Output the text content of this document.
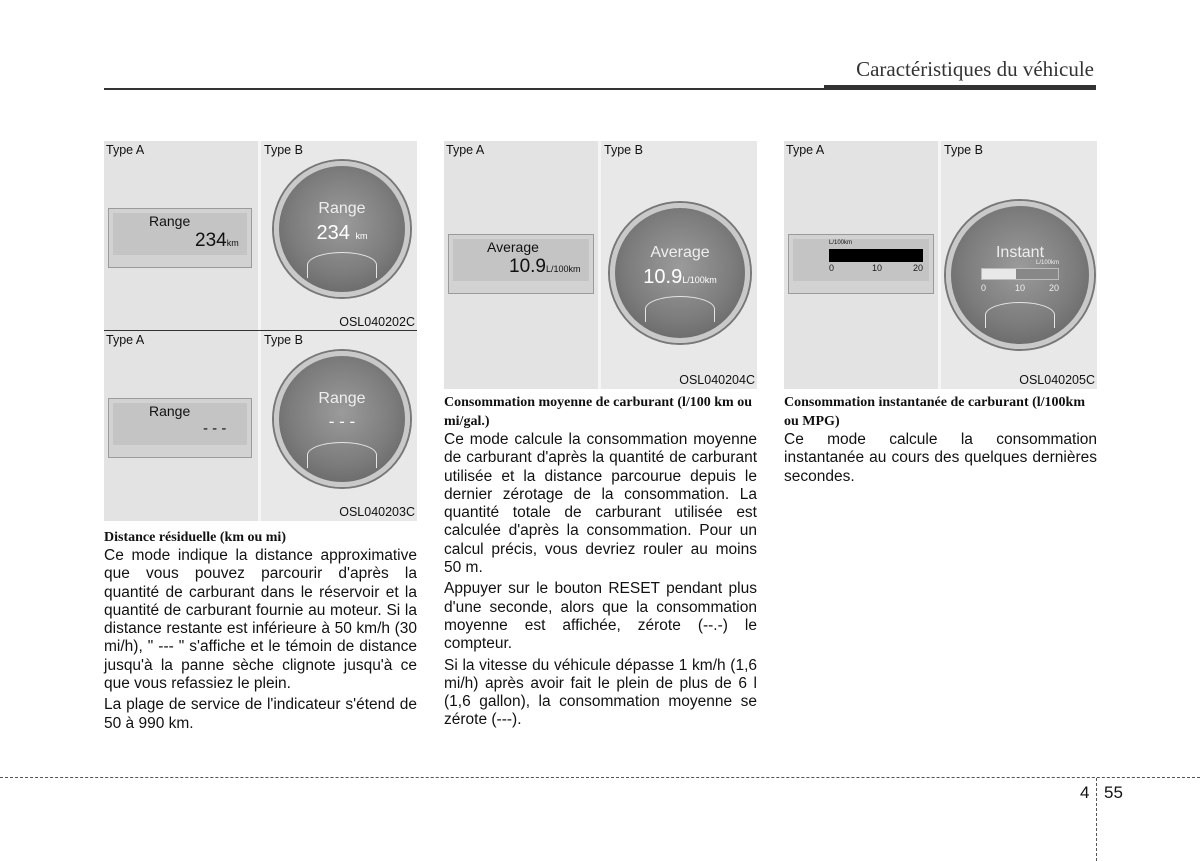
Caractéristiques du véhicule
Type A	Type B
Range
234km
Range
234 km
OSL040202C
Type A	Type B
Range
- - -
Range
- - -
OSL040203C
Distance résiduelle (km ou mi)
Ce mode indique la distance approximative que vous pouvez parcourir d'après la quantité de carburant dans le réservoir et la quantité de carburant fournie au moteur. Si la distance restante est inférieure à 50 km/h (30 mi/h), " --- " s'affiche et le témoin de distance jusqu'à la panne sèche clignote jusqu'à ce que vous refassiez le plein.
La plage de service de l'indicateur s'étend de 50 à 990 km.
Type A	Type B
Average
10.9L/100km
Average
10.9L/100km
OSL040204C
Consommation moyenne de carburant (l/100 km ou mi/gal.)
Ce mode calcule la consommation moyenne de carburant d'après la quantité de carburant utilisée et la distance parcourue depuis le dernier zérotage de la consommation. La quantité totale de carburant utilisée est calculée d'après la consommation. Pour un calcul précis, vous devriez rouler au moins 50 m.
Appuyer sur le bouton RESET pendant plus d'une seconde, alors que la consommation moyenne est affichée, zérote (--.-) le compteur.
Si la vitesse du véhicule dépasse 1 km/h (1,6 mi/h) après avoir fait le plein de plus de 6 l (1,6 gallon), la consommation moyenne se zérote (---).
Type A	Type B
L/100km
0	10	20
Instant
L/100km
0	10	20
OSL040205C
Consommation instantanée de carburant (l/100km ou MPG)
Ce mode calcule la consommation instantanée au cours des quelques dernières secondes.
4 55
